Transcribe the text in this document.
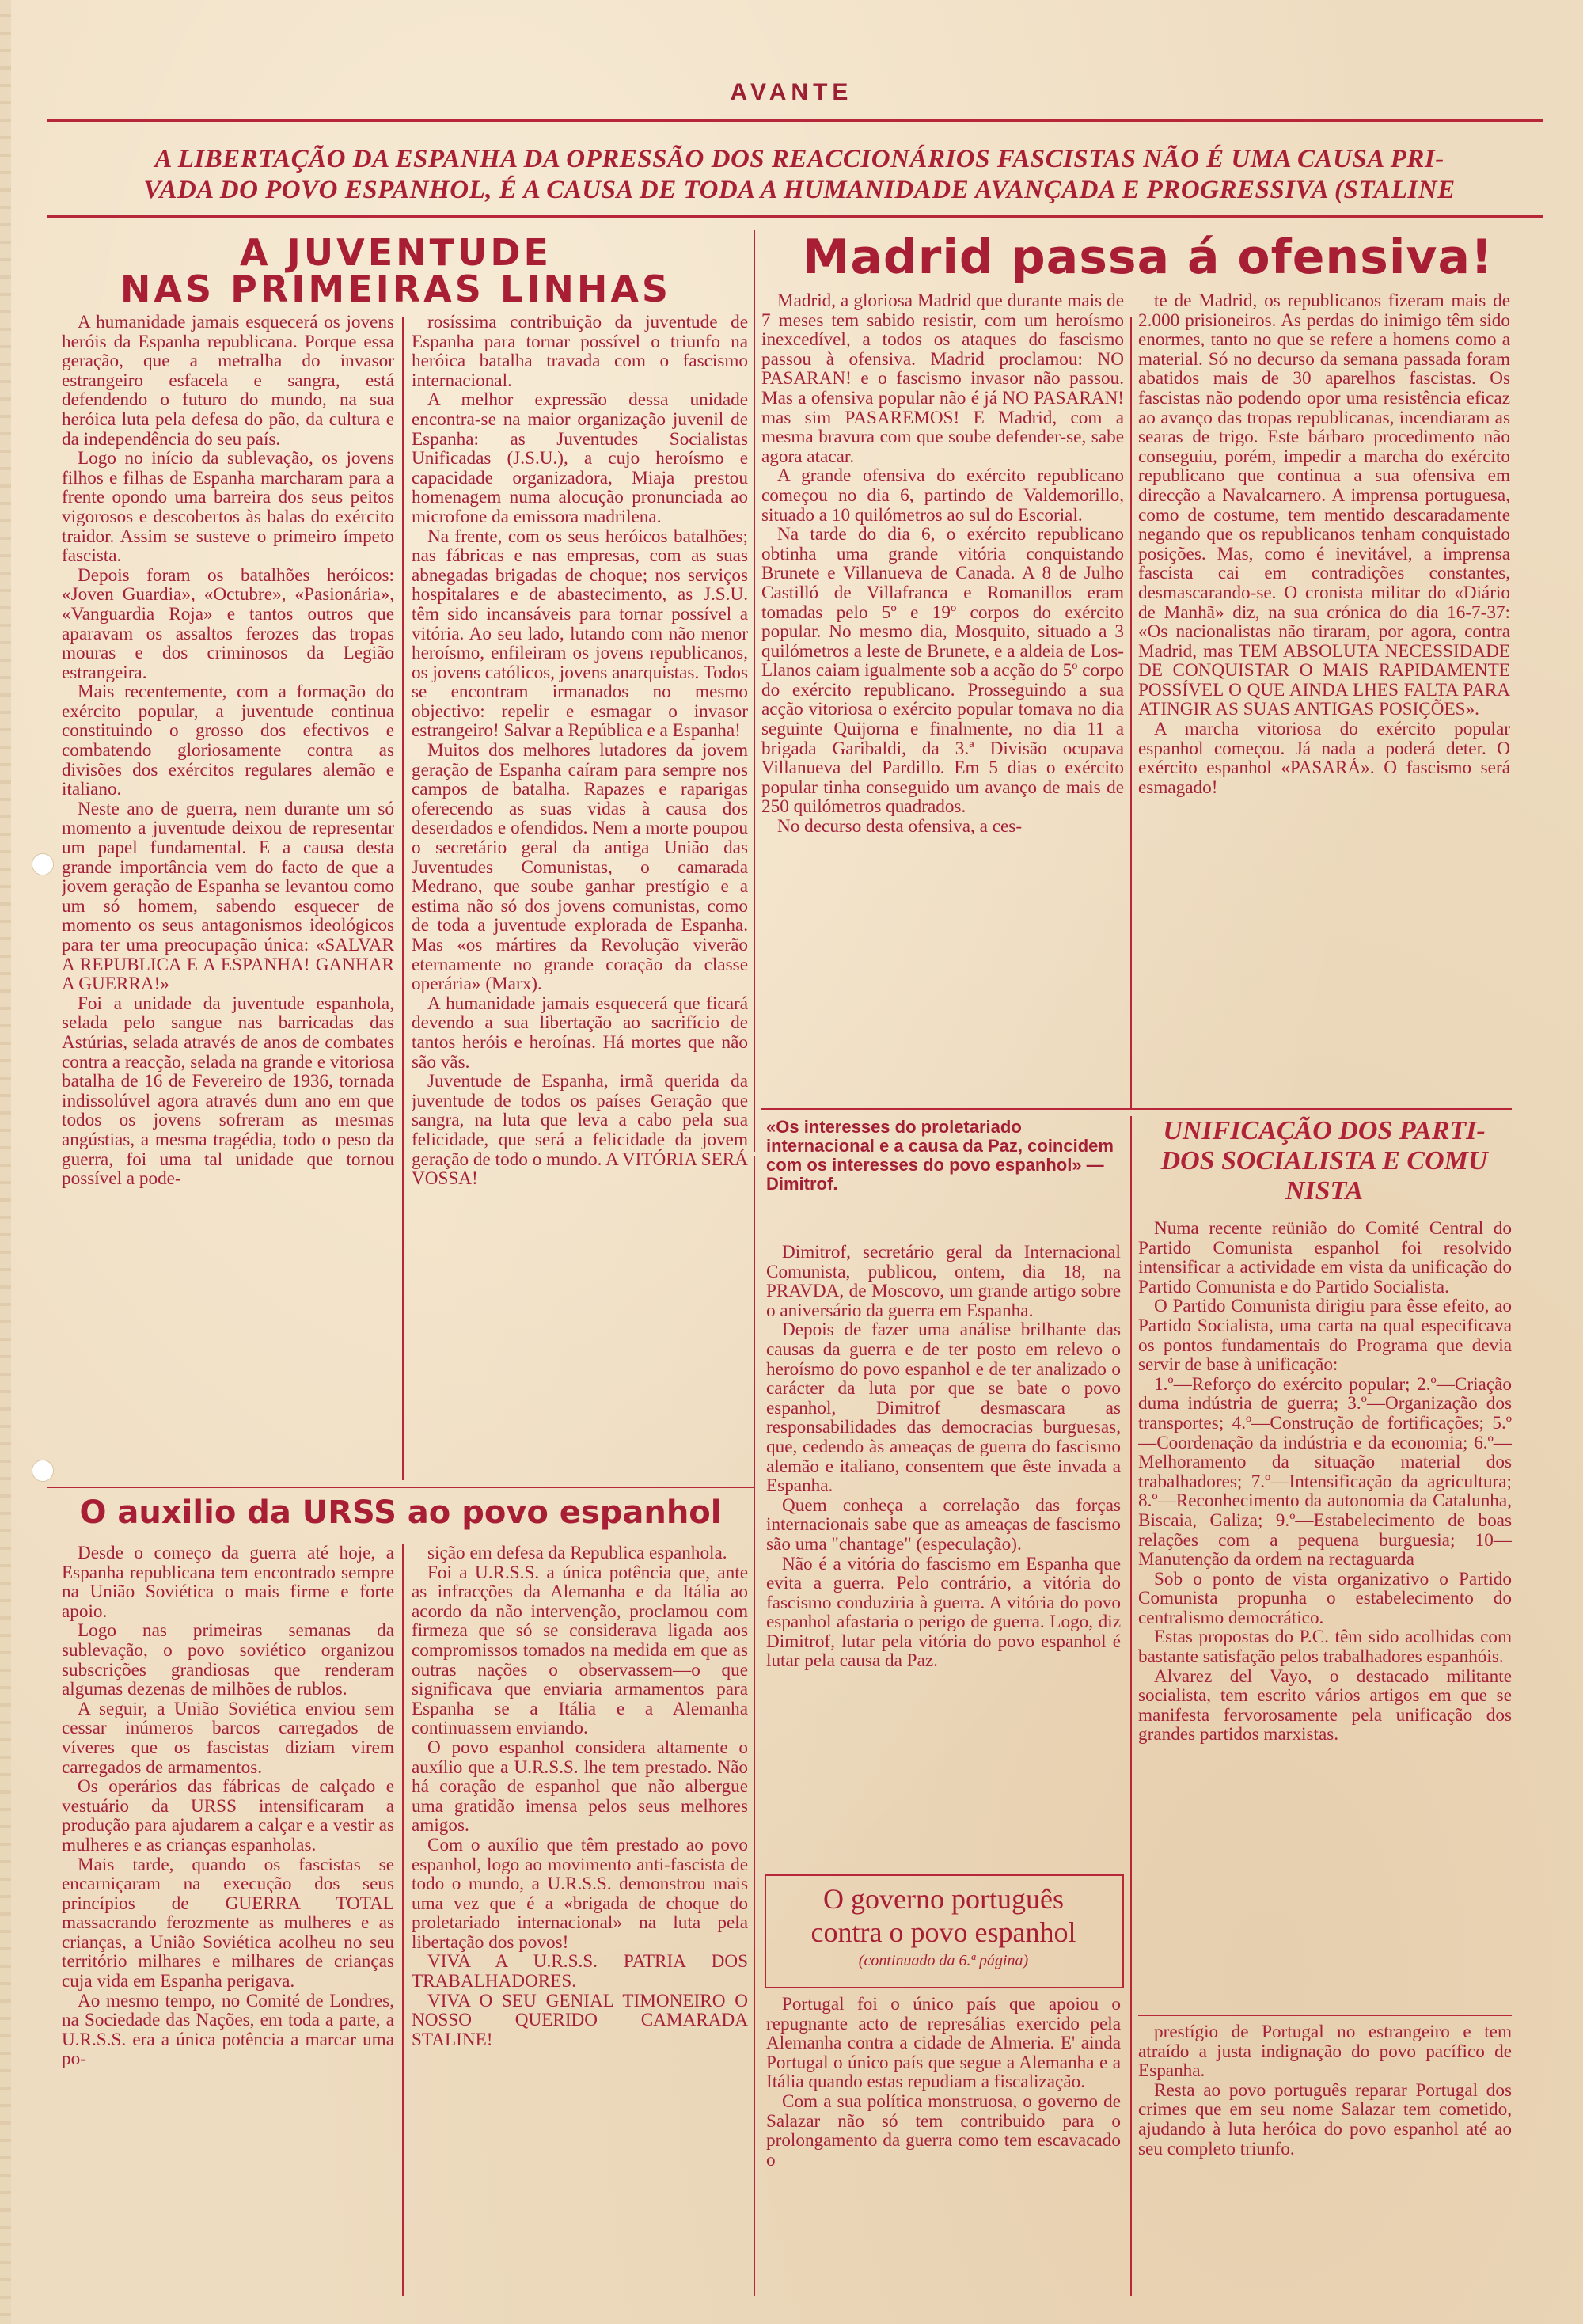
AVANTE
A LIBERTAÇÃO DA ESPANHA DA OPRESSÃO DOS REACCIONÁRIOS FASCISTAS NÃO É UMA CAUSA PRI-
VADA DO POVO ESPANHOL, É A CAUSA DE TODA A HUMANIDADE AVANÇADA E PROGRESSIVA (STALINE
A JUVENTUDE
NAS PRIMEIRAS LINHAS
Madrid passa á ofensiva!

A humanidade jamais esquecerá os jovens heróis da Espanha republicana. Porque essa geração, que a metralha do invasor estrangeiro esfacela e sangra, está defendendo o futuro do mundo, na sua heróica luta pela defesa do pão, da cultura e da independência do seu país.

Logo no início da sublevação, os jovens filhos e filhas de Espanha marcharam para a frente opondo uma barreira dos seus peitos vigorosos e descobertos às balas do exército traidor. Assim se susteve o primeiro ímpeto fascista.

Depois foram os batalhões heróicos: «Joven Guardia», «Octubre», «Pasionária», «Vanguardia Roja» e tantos outros que aparavam os assaltos ferozes das tropas mouras e dos criminosos da Legião estrangeira.

Mais recentemente, com a formação do exército popular, a juventude continua constituindo o grosso dos efectivos e combatendo gloriosamente contra as divisões dos exércitos regulares alemão e italiano.

Neste ano de guerra, nem durante um só momento a juventude deixou de representar um papel fundamental. E a causa desta grande importância vem do facto de que a jovem geração de Espanha se levantou como um só homem, sabendo esquecer de momento os seus antagonismos ideológicos para ter uma preocupação única: «SALVAR A REPUBLICA E A ESPANHA! GANHAR A GUERRA!»

Foi a unidade da juventude espanhola, selada pelo sangue nas barricadas das Astúrias, selada através de anos de combates contra a reacção, selada na grande e vitoriosa batalha de 16 de Fevereiro de 1936, tornada indissolúvel agora através dum ano em que todos os jovens sofreram as mesmas angústias, a mesma tragédia, todo o peso da guerra, foi uma tal unidade que tornou possível a pode-

rosíssima contribuição da juventude de Espanha para tornar possível o triunfo na heróica batalha travada com o fascismo internacional.

A melhor expressão dessa unidade encontra-se na maior organização juvenil de Espanha: as Juventudes Socialistas Unificadas (J.S.U.), a cujo heroísmo e capacidade organizadora, Miaja prestou homenagem numa alocução pronunciada ao microfone da emissora madrilena.

Na frente, com os seus heróicos batalhões; nas fábricas e nas empresas, com as suas abnegadas brigadas de choque; nos serviços hospitalares e de abastecimento, as J.S.U. têm sido incansáveis para tornar possível a vitória. Ao seu lado, lutando com não menor heroísmo, enfileiram os jovens republicanos, os jovens católicos, jovens anarquistas. Todos se encontram irmanados no mesmo objectivo: repelir e esmagar o invasor estrangeiro! Salvar a República e a Espanha!

Muitos dos melhores lutadores da jovem geração de Espanha caíram para sempre nos campos de batalha. Rapazes e raparigas oferecendo as suas vidas à causa dos deserdados e ofendidos. Nem a morte poupou o secretário geral da antiga União das Juventudes Comunistas, o camarada Medrano, que soube ganhar prestígio e a estima não só dos jovens comunistas, como de toda a juventude explorada de Espanha. Mas «os mártires da Revolução viverão eternamente no grande coração da classe operária» (Marx).

A humanidade jamais esquecerá que ficará devendo a sua libertação ao sacrifício de tantos heróis e heroínas. Há mortes que não são vãs.

Juventude de Espanha, irmã querida da juventude de todos os países Geração que sangra, na luta que leva a cabo pela sua felicidade, que será a felicidade da jovem geração de todo o mundo. A VITÓRIA SERÁ VOSSA!

Madrid, a gloriosa Madrid que durante mais de 7 meses tem sabido resistir, com um heroísmo inexcedível, a todos os ataques do fascismo passou à ofensiva. Madrid proclamou: NO PASARAN! e o fascismo invasor não passou. Mas a ofensiva popular não é já NO PASARAN! mas sim PASAREMOS! E Madrid, com a mesma bravura com que soube defender-se, sabe agora atacar.

A grande ofensiva do exército republicano começou no dia 6, partindo de Valdemorillo, situado a 10 quilómetros ao sul do Escorial.

Na tarde do dia 6, o exército republicano obtinha uma grande vitória conquistando Brunete e Villanueva de Canada. A 8 de Julho Castilló de Villafranca e Romanillos eram tomadas pelo 5º e 19º corpos do exército popular. No mesmo dia, Mosquito, situado a 3 quilómetros a leste de Brunete, e a aldeia de Los-Llanos caiam igualmente sob a acção do 5º corpo do exército republicano. Prosseguindo a sua acção vitoriosa o exército popular tomava no dia seguinte Quijorna e finalmente, no dia 11 a brigada Garibaldi, da 3.ª Divisão ocupava Villanueva del Pardillo. Em 5 dias o exército popular tinha conseguido um avanço de mais de 250 quilómetros quadrados.

No decurso desta ofensiva, a ces-

te de Madrid, os republicanos fizeram mais de 2.000 prisioneiros. As perdas do inimigo têm sido enormes, tanto no que se refere a homens como a material. Só no decurso da semana passada foram abatidos mais de 30 aparelhos fascistas. Os fascistas não podendo opor uma resistência eficaz ao avanço das tropas republicanas, incendiaram as searas de trigo. Este bárbaro procedimento não conseguiu, porém, impedir a marcha do exército republicano que continua a sua ofensiva em direcção a Navalcarnero. A imprensa portuguesa, como de costume, tem mentido descaradamente negando que os republicanos tenham conquistado posições. Mas, como é inevitável, a imprensa fascista cai em contradições constantes, desmascarando-se. O cronista militar do «Diário de Manhã» diz, na sua crónica do dia 16-7-37: «Os nacionalistas não tiraram, por agora, contra Madrid, mas TEM ABSOLUTA NECESSIDADE DE CONQUISTAR O MAIS RAPIDAMENTE POSSÍVEL O QUE AINDA LHES FALTA PARA ATINGIR AS SUAS ANTIGAS POSIÇÕES».

A marcha vitoriosa do exército popular espanhol começou. Já nada a poderá deter. O exército espanhol «PASARÁ». O fascismo será esmagado!

«Os interesses do proletariado internacional e a causa da Paz, coincidem com os interesses do povo espanhol» — Dimitrof.

Dimitrof, secretário geral da Internacional Comunista, publicou, ontem, dia 18, na PRAVDA, de Moscovo, um grande artigo sobre o aniversário da guerra em Espanha.

Depois de fazer uma análise brilhante das causas da guerra e de ter posto em relevo o heroísmo do povo espanhol e de ter analizado o carácter da luta por que se bate o povo espanhol, Dimitrof desmascara as responsabilidades das democracias burguesas, que, cedendo às ameaças de guerra do fascismo alemão e italiano, consentem que êste invada a Espanha.

Quem conheça a correlação das forças internacionais sabe que as ameaças de fascismo são uma "chantage" (especulação).

Não é a vitória do fascismo em Espanha que evita a guerra. Pelo contrário, a vitória do fascismo conduziria à guerra. A vitória do povo espanhol afastaria o perigo de guerra. Logo, diz Dimitrof, lutar pela vitória do povo espanhol é lutar pela causa da Paz.

UNIFICAÇÃO DOS PARTI-
DOS SOCIALISTA E COMU
NISTA

Numa recente reünião do Comité Central do Partido Comunista espanhol foi resolvido intensificar a actividade em vista da unificação do Partido Comunista e do Partido Socialista.

O Partido Comunista dirigiu para êsse efeito, ao Partido Socialista, uma carta na qual especificava os pontos fundamentais do Programa que devia servir de base à unificação:

1.º—Reforço do exército popular; 2.º—Criação duma indústria de guerra; 3.º—Organização dos transportes; 4.º—Construção de fortificações; 5.º—Coordenação da indústria e da economia; 6.º—Melhoramento da situação material dos trabalhadores; 7.º—Intensificação da agricultura; 8.º—Reconhecimento da autonomia da Catalunha, Biscaia, Galiza; 9.º—Estabelecimento de boas relações com a pequena burguesia; 10—Manutenção da ordem na rectaguarda

Sob o ponto de vista organizativo o Partido Comunista propunha o estabelecimento do centralismo democrático.

Estas propostas do P.C. têm sido acolhidas com bastante satisfação pelos trabalhadores espanhóis.

Alvarez del Vayo, o destacado militante socialista, tem escrito vários artigos em que se manifesta fervorosamente pela unificação dos grandes partidos marxistas.

prestígio de Portugal no estrangeiro e tem atraído a justa indignação do povo pacífico de Espanha.

Resta ao povo português reparar Portugal dos crimes que em seu nome Salazar tem cometido, ajudando à luta heróica do povo espanhol até ao seu completo triunfo.

O auxilio da URSS ao povo espanhol

Desde o começo da guerra até hoje, a Espanha republicana tem encontrado sempre na União Soviética o mais firme e forte apoio.

Logo nas primeiras semanas da sublevação, o povo soviético organizou subscrições grandiosas que renderam algumas dezenas de milhões de rublos.

A seguir, a União Soviética enviou sem cessar inúmeros barcos carregados de víveres que os fascistas diziam virem carregados de armamentos.

Os operários das fábricas de calçado e vestuário da URSS intensificaram a produção para ajudarem a calçar e a vestir as mulheres e as crianças espanholas.

Mais tarde, quando os fascistas se encarniçaram na execução dos seus princípios de GUERRA TOTAL massacrando ferozmente as mulheres e as crianças, a União Soviética acolheu no seu território milhares e milhares de crianças cuja vida em Espanha perigava.

Ao mesmo tempo, no Comité de Londres, na Sociedade das Nações, em toda a parte, a U.R.S.S. era a única potência a marcar uma po-

sição em defesa da Republica espanhola.

Foi a U.R.S.S. a única potência que, ante as infracções da Alemanha e da Itália ao acordo da não intervenção, proclamou com firmeza que só se considerava ligada aos compromissos tomados na medida em que as outras nações o observassem—o que significava que enviaria armamentos para Espanha se a Itália e a Alemanha continuassem enviando.

O povo espanhol considera altamente o auxílio que a U.R.S.S. lhe tem prestado. Não há coração de espanhol que não albergue uma gratidão imensa pelos seus melhores amigos.

Com o auxílio que têm prestado ao povo espanhol, logo ao movimento anti-fascista de todo o mundo, a U.R.S.S. demonstrou mais uma vez que é a «brigada de choque do proletariado internacional» na luta pela libertação dos povos!

VIVA A U.R.S.S. PATRIA DOS TRABALHADORES.

VIVA O SEU GENIAL TIMONEIRO O NOSSO QUERIDO CAMARADA STALINE!

O governo português
contra o povo espanhol
(continuado da 6.ª página)

Portugal foi o único país que apoiou o repugnante acto de represálias exercido pela Alemanha contra a cidade de Almeria. E' ainda Portugal o único país que segue a Alemanha e a Itália quando estas repudiam a fiscalização.

Com a sua política monstruosa, o governo de Salazar não só tem contribuido para o prolongamento da guerra como tem escavacado o
